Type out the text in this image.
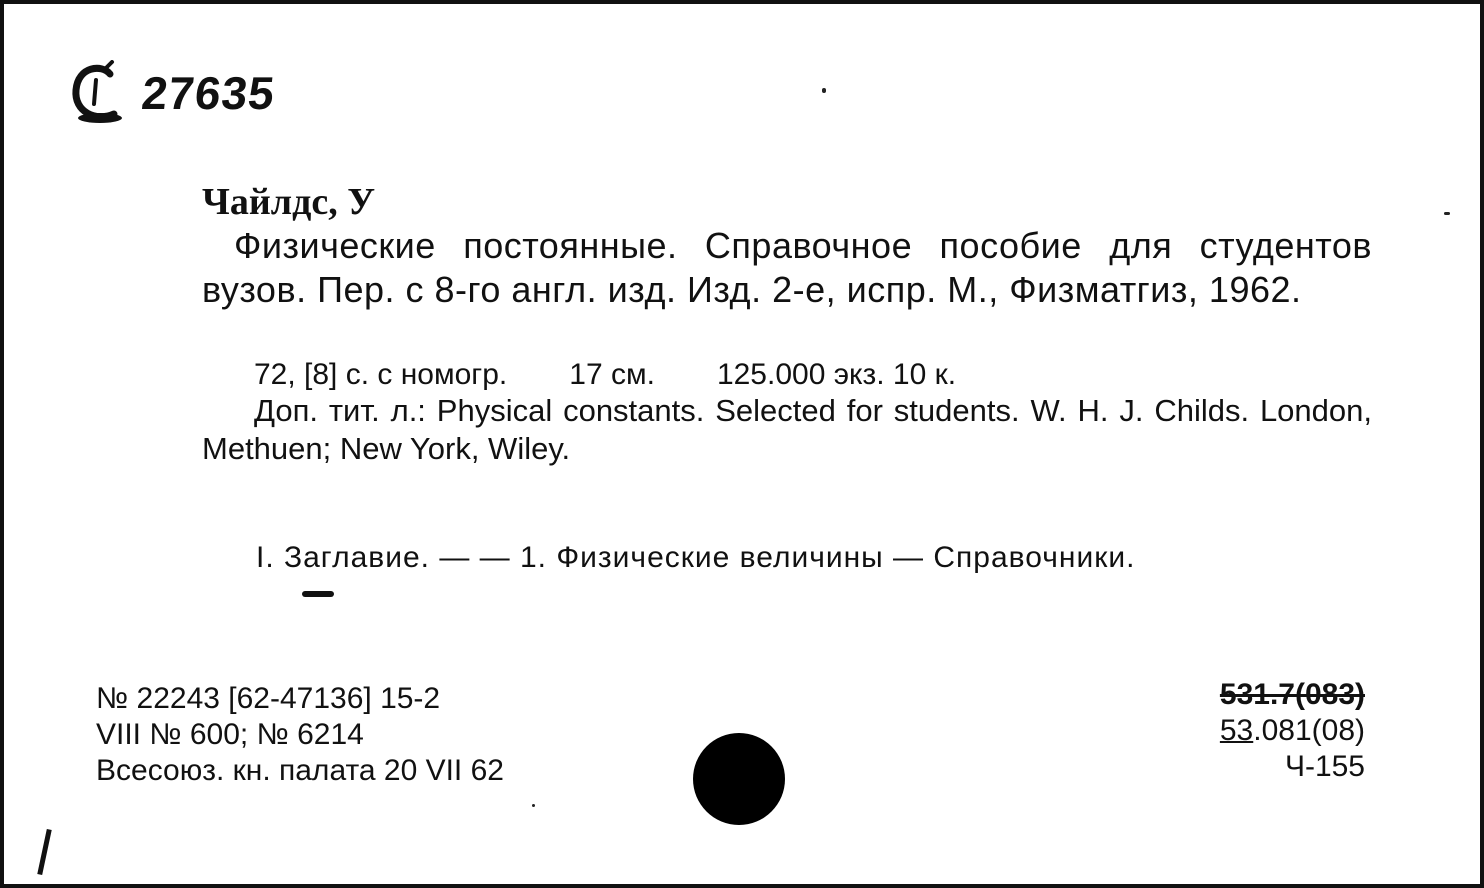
27635
Чайлдс, У
Физические постоянные. Справочное пособие для студентов вузов. Пер. с 8-го англ. изд. Изд. 2-е, испр. М., Физматгиз, 1962.
72, [8] с. с номогр. 17 см. 125.000 экз. 10 к.
Доп. тит. л.: Physical constants. Selected for students. W. H. J. Childs. London, Methuen; New York, Wiley.
I. Заглавие. — — 1. Физические величины — Справочники.
№ 22243 [62-47136] 15-2
VIII № 600; № 6214
Всесоюз. кн. палата 20 VII 62
531.7(083)
53.081(08)
Ч-155
